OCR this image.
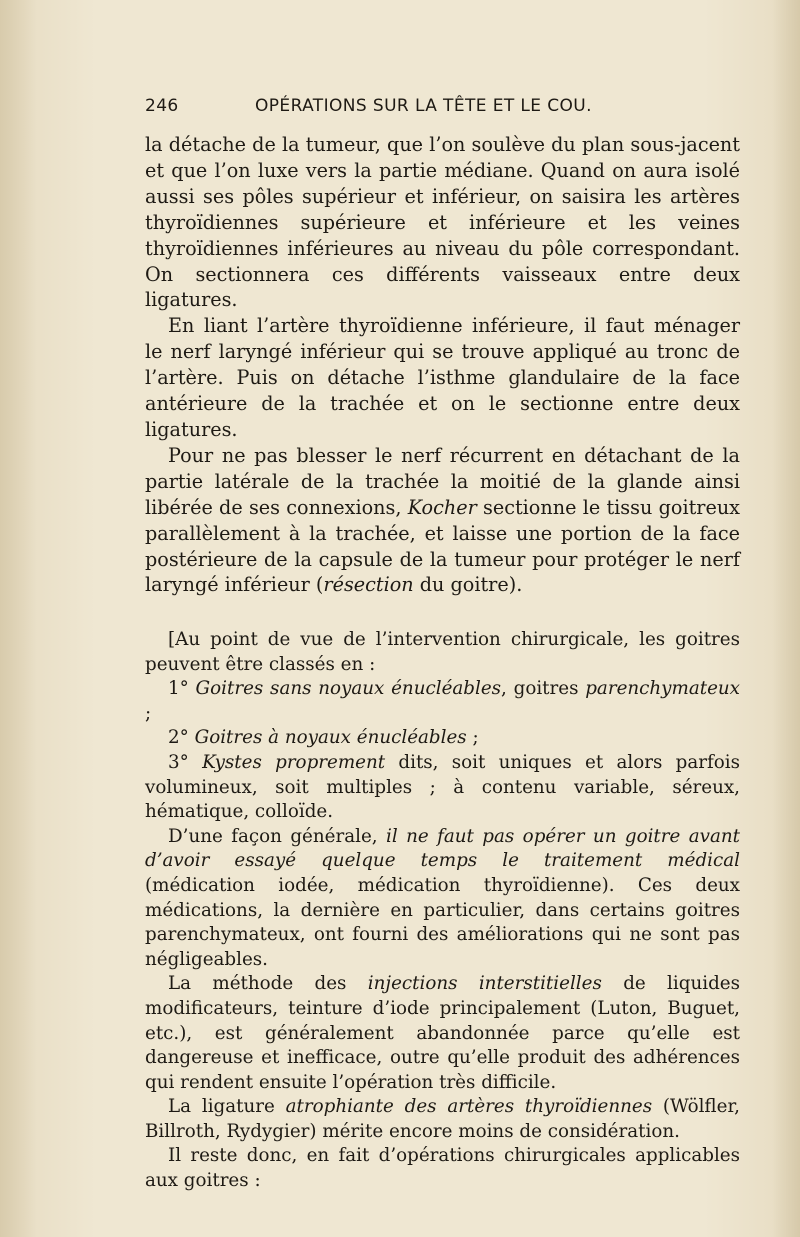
246	OPÉRATIONS SUR LA TÊTE ET LE COU.

la détache de la tumeur, que l’on soulève du plan sous-jacent et que l’on luxe vers la partie médiane. Quand on aura isolé aussi ses pôles supérieur et inférieur, on saisira les artères thyroïdiennes supérieure et inférieure et les veines thyroïdiennes inférieures au niveau du pôle correspondant. On sectionnera ces différents vaisseaux entre deux ligatures.

En liant l’artère thyroïdienne inférieure, il faut ménager le nerf laryngé inférieur qui se trouve appliqué au tronc de l’artère. Puis on détache l’isthme glandulaire de la face antérieure de la trachée et on le sectionne entre deux ligatures.

Pour ne pas blesser le nerf récurrent en détachant de la partie latérale de la trachée la moitié de la glande ainsi libérée de ses connexions, Kocher sectionne le tissu goitreux parallèlement à la trachée, et laisse une portion de la face postérieure de la capsule de la tumeur pour protéger le nerf laryngé inférieur (résection du goitre).

[Au point de vue de l’intervention chirurgicale, les goitres peuvent être classés en :

1° Goitres sans noyaux énucléables, goitres parenchymateux ;

2° Goitres à noyaux énucléables ;

3° Kystes proprement dits, soit uniques et alors parfois volumineux, soit multiples ; à contenu variable, séreux, hématique, colloïde.

D’une façon générale, il ne faut pas opérer un goitre avant d’avoir essayé quelque temps le traitement médical (médication iodée, médication thyroïdienne). Ces deux médications, la dernière en particulier, dans certains goitres parenchymateux, ont fourni des améliorations qui ne sont pas négligeables.

La méthode des injections interstitielles de liquides modificateurs, teinture d’iode principalement (Luton, Buguet, etc.), est généralement abandonnée parce qu’elle est dangereuse et inefficace, outre qu’elle produit des adhérences qui rendent ensuite l’opération très difficile.

La ligature atrophiante des artères thyroïdiennes (Wölfler, Billroth, Rydygier) mérite encore moins de considération.

Il reste donc, en fait d’opérations chirurgicales applicables aux goitres :
